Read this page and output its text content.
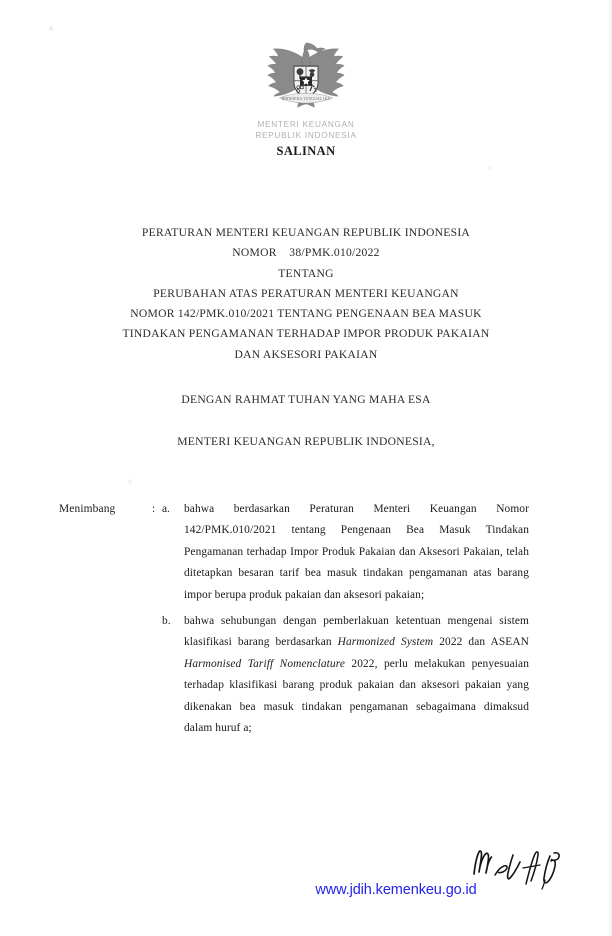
BHINNEKA TUNGGAL IKA
MENTERI KEUANGAN
REPUBLIK INDONESIA
SALINAN
PERATURAN MENTERI KEUANGAN REPUBLIK INDONESIA
NOMOR    38/PMK.010/2022
TENTANG
PERUBAHAN ATAS PERATURAN MENTERI KEUANGAN
NOMOR 142/PMK.010/2021 TENTANG PENGENAAN BEA MASUK
TINDAKAN PENGAMANAN TERHADAP IMPOR PRODUK PAKAIAN
DAN AKSESORI PAKAIAN
DENGAN RAHMAT TUHAN YANG MAHA ESA
MENTERI KEUANGAN REPUBLIK INDONESIA,
Menimbang	: a.	bahwa berdasarkan Peraturan Menteri Keuangan Nomor 142/PMK.010/2021 tentang Pengenaan Bea Masuk Tindakan Pengamanan terhadap Impor Produk Pakaian dan Aksesori Pakaian, telah ditetapkan besaran tarif bea masuk tindakan pengamanan atas barang impor berupa produk pakaian dan aksesori pakaian;
b.	bahwa sehubungan dengan pemberlakuan ketentuan mengenai sistem klasifikasi barang berdasarkan Harmonized System 2022 dan ASEAN Harmonised Tariff Nomenclature 2022, perlu melakukan penyesuaian terhadap klasifikasi barang produk pakaian dan aksesori pakaian yang dikenakan bea masuk tindakan pengamanan sebagaimana dimaksud dalam huruf a;
www.jdih.kemenkeu.go.id
